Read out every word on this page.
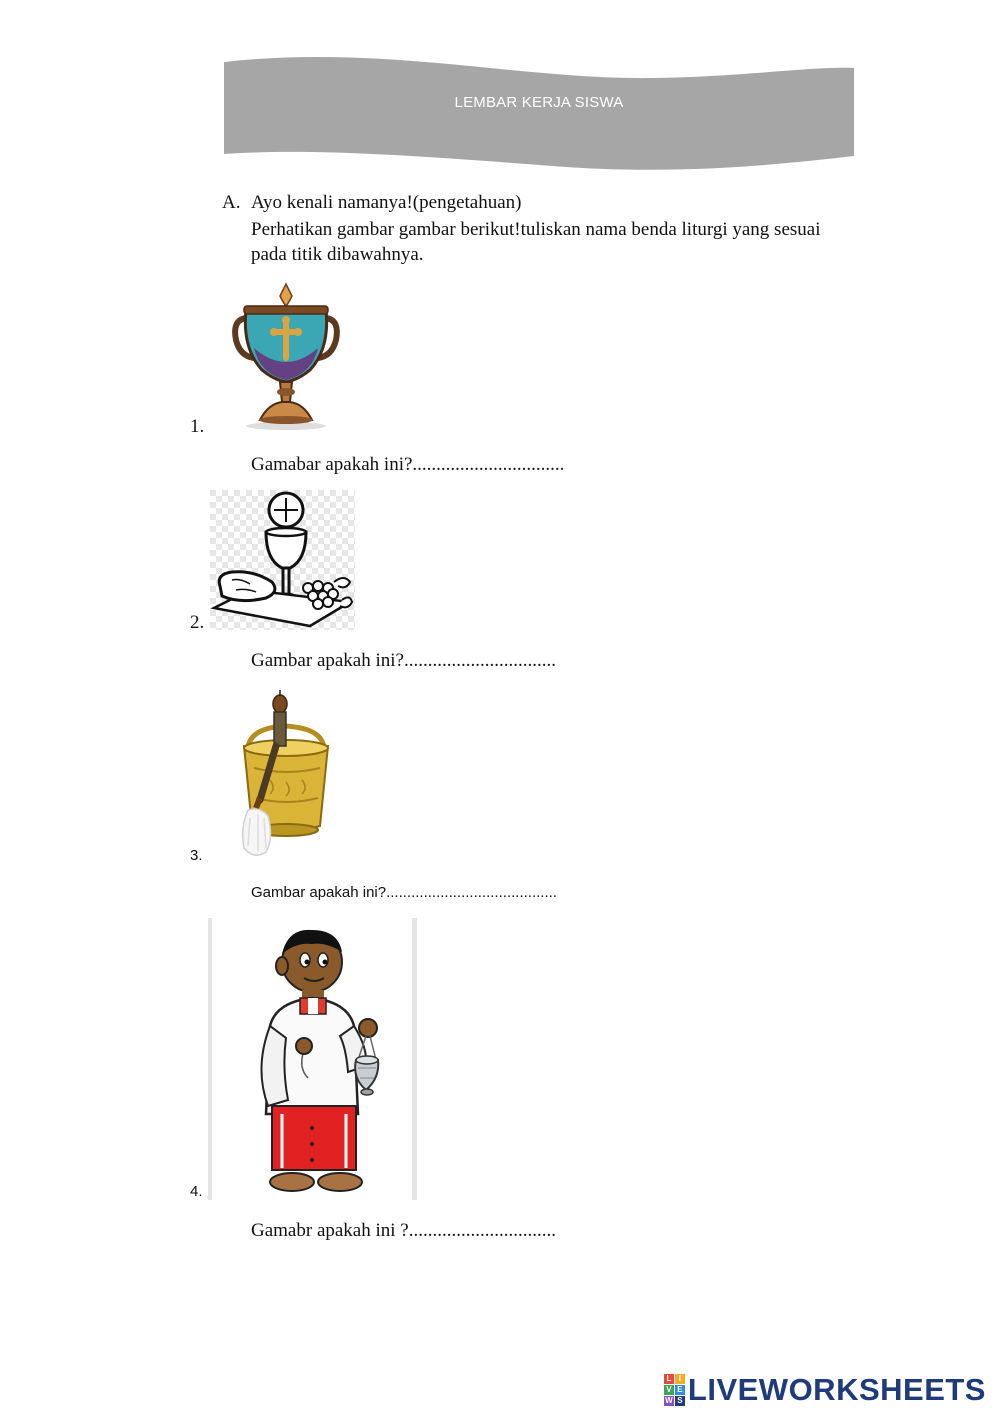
LEMBAR KERJA SISWA
A. Ayo kenali namanya!(pengetahuan)
Perhatikan gambar gambar berikut!tuliskan nama benda liturgi yang sesuai pada titik dibawahnya.
1.
Gamabar apakah ini?................................
2.
Gambar apakah ini?................................
3.
Gambar apakah ini?.........................................
4.
Gamabr apakah ini ?...............................
L I
V E
W S LIVEWORKSHEETS
